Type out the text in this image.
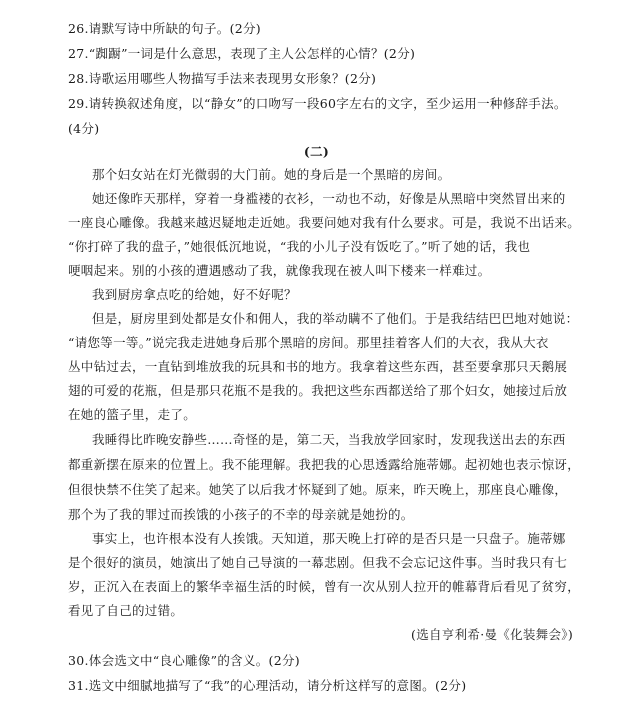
26.请默写诗中所缺的句子。(2分)
27.“踟蹰”一词是什么意思，表现了主人公怎样的心情？(2分)
28.诗歌运用哪些人物描写手法来表现男女形象？(2分)
29.请转换叙述角度，以“静女”的口吻写一段60字左右的文字，至少运用一种修辞手法。
(4分)
(二)
那个妇女站在灯光微弱的大门前。她的身后是一个黑暗的房间。
她还像昨天那样，穿着一身褴褛的衣衫，一动也不动，好像是从黑暗中突然冒出来的
一座良心雕像。我越来越迟疑地走近她。我要问她对我有什么要求。可是，我说不出话来。
“你打碎了我的盘子，”她很低沉地说，“我的小儿子没有饭吃了。”听了她的话，我也
哽咽起来。别的小孩的遭遇感动了我，就像我现在被人叫下楼来一样难过。
我到厨房拿点吃的给她，好不好呢？
但是，厨房里到处都是女仆和佣人，我的举动瞒不了他们。于是我结结巴巴地对她说：
“请您等一等。”说完我走进她身后那个黑暗的房间。那里挂着客人们的大衣，我从大衣
丛中钻过去，一直钻到堆放我的玩具和书的地方。我拿着这些东西，甚至要拿那只天鹅展
翅的可爱的花瓶，但是那只花瓶不是我的。我把这些东西都送给了那个妇女，她接过后放
在她的篮子里，走了。
我睡得比昨晚安静些……奇怪的是，第二天，当我放学回家时，发现我送出去的东西
都重新摆在原来的位置上。我不能理解。我把我的心思透露给施蒂娜。起初她也表示惊讶，
但很快禁不住笑了起来。她笑了以后我才怀疑到了她。原来，昨天晚上，那座良心雕像，
那个为了我的罪过而挨饿的小孩子的不幸的母亲就是她扮的。
事实上，也许根本没有人挨饿。天知道，那天晚上打碎的是否只是一只盘子。施蒂娜
是个很好的演员，她演出了她自己导演的一幕悲剧。但我不会忘记这件事。当时我只有七
岁，正沉入在表面上的繁华幸福生活的时候，曾有一次从别人拉开的帷幕背后看见了贫穷，
看见了自己的过错。
(选自亨利希·曼《化装舞会》)
30.体会选文中“良心雕像”的含义。(2分)
31.选文中细腻地描写了“我”的心理活动，请分析这样写的意图。(2分)
